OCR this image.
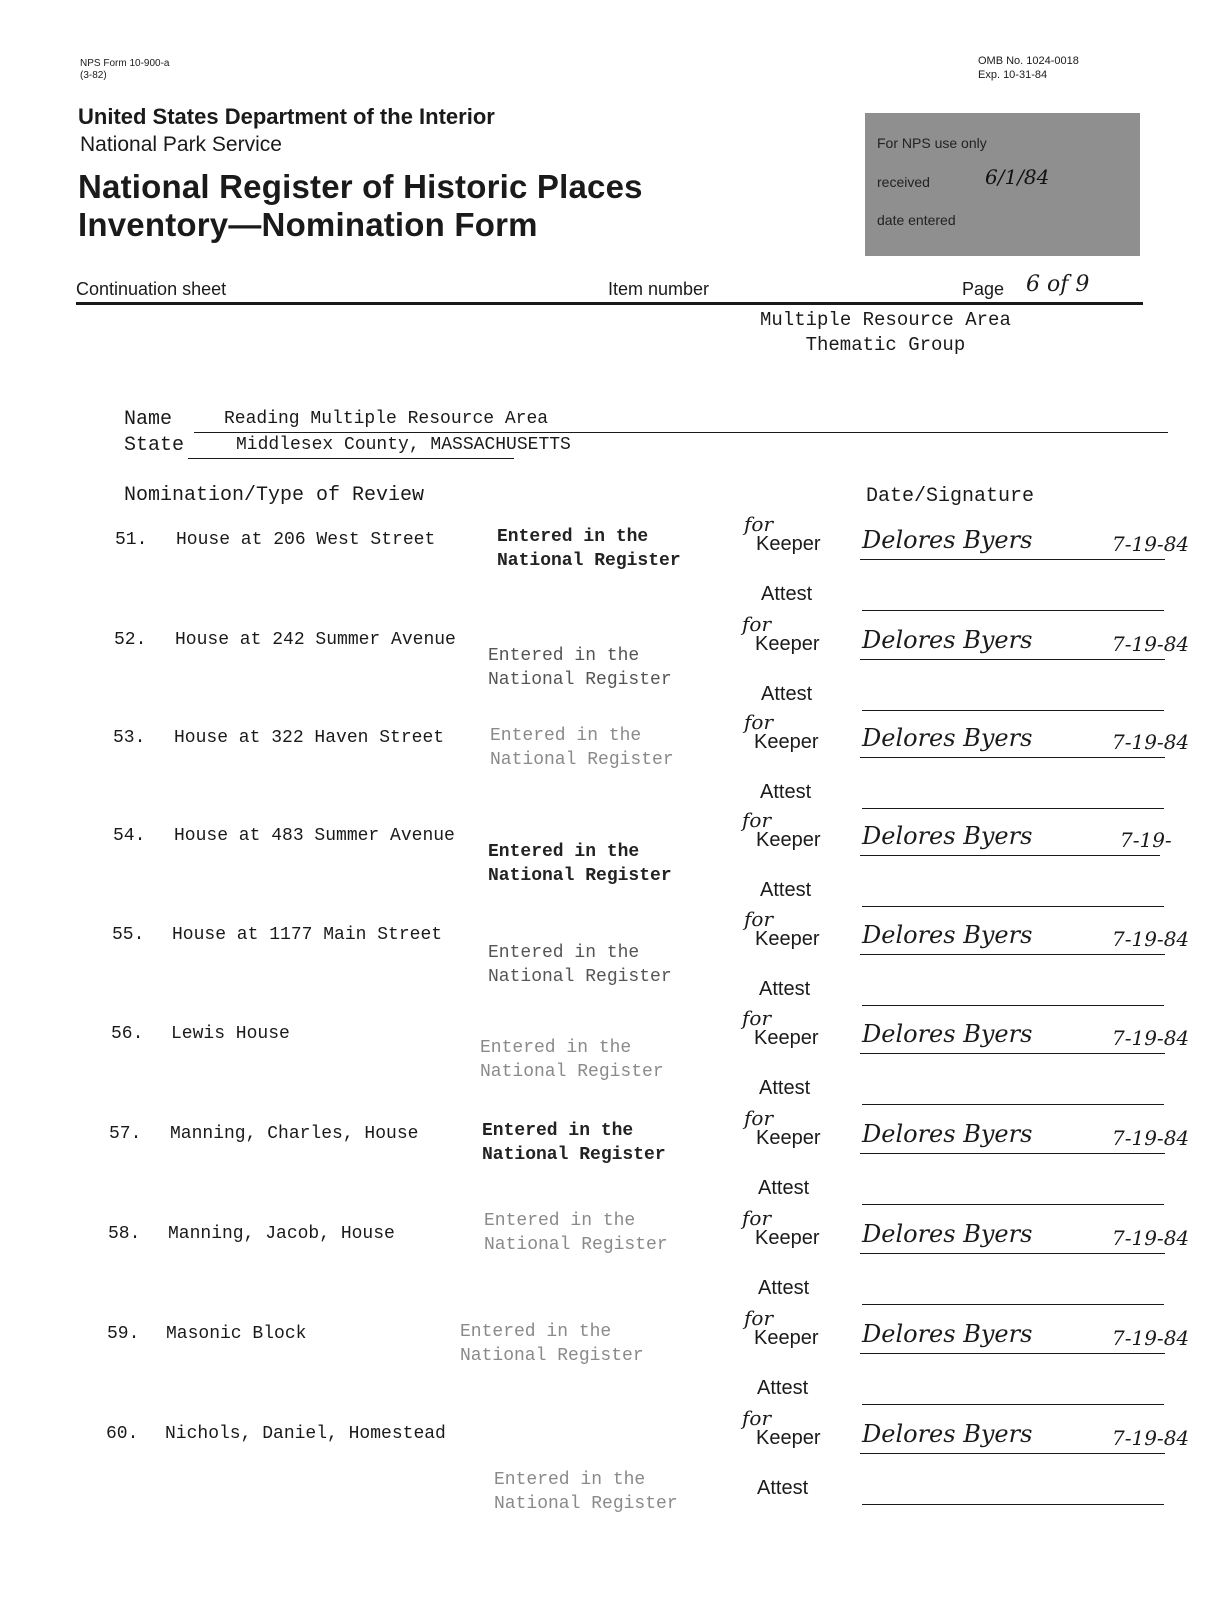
NPS Form 10-900-a
(3-82)
OMB No. 1024-0018
Exp. 10-31-84
United States Department of the Interior
National Park Service
National Register of Historic Places
Inventory—Nomination Form
For NPS use only
received	6/1/84
date entered
Continuation sheet	Item number	Page 6 of 9
Multiple Resource Area
Thematic Group
Name	Reading Multiple Resource Area
State	Middlesex County, MASSACHUSETTS
Nomination/Type of Review	Date/Signature
51. House at 206 West Street	Entered in the
National Register
for
Keeper Delores Byers	7-19-84
Attest
52. House at 242 Summer Avenue
Entered in the
National Register
for
Keeper Delores Byers	7-19-84
Attest
53. House at 322 Haven Street	Entered in the
National Register
for
Keeper Delores Byers	7-19-84
Attest
54. House at 483 Summer Avenue
Entered in the
National Register
for
Keeper Delores Byers	7-19-
Attest
55. House at 1177 Main Street
Entered in the
National Register
for
Keeper Delores Byers	7-19-84
Attest
56. Lewis House
Entered in the
National Register
for
Keeper Delores Byers	7-19-84
Attest
57. Manning, Charles, House	Entered in the
National Register
for
Keeper Delores Byers	7-19-84
Attest
58. Manning, Jacob, House
Entered in the
National Register
for
Keeper Delores Byers	7-19-84
Attest
59. Masonic Block	Entered in the
National Register
for
Keeper Delores Byers	7-19-84
Attest
60. Nichols, Daniel, Homestead
Entered in the
National Register
for
Keeper Delores Byers	7-19-84
Attest
